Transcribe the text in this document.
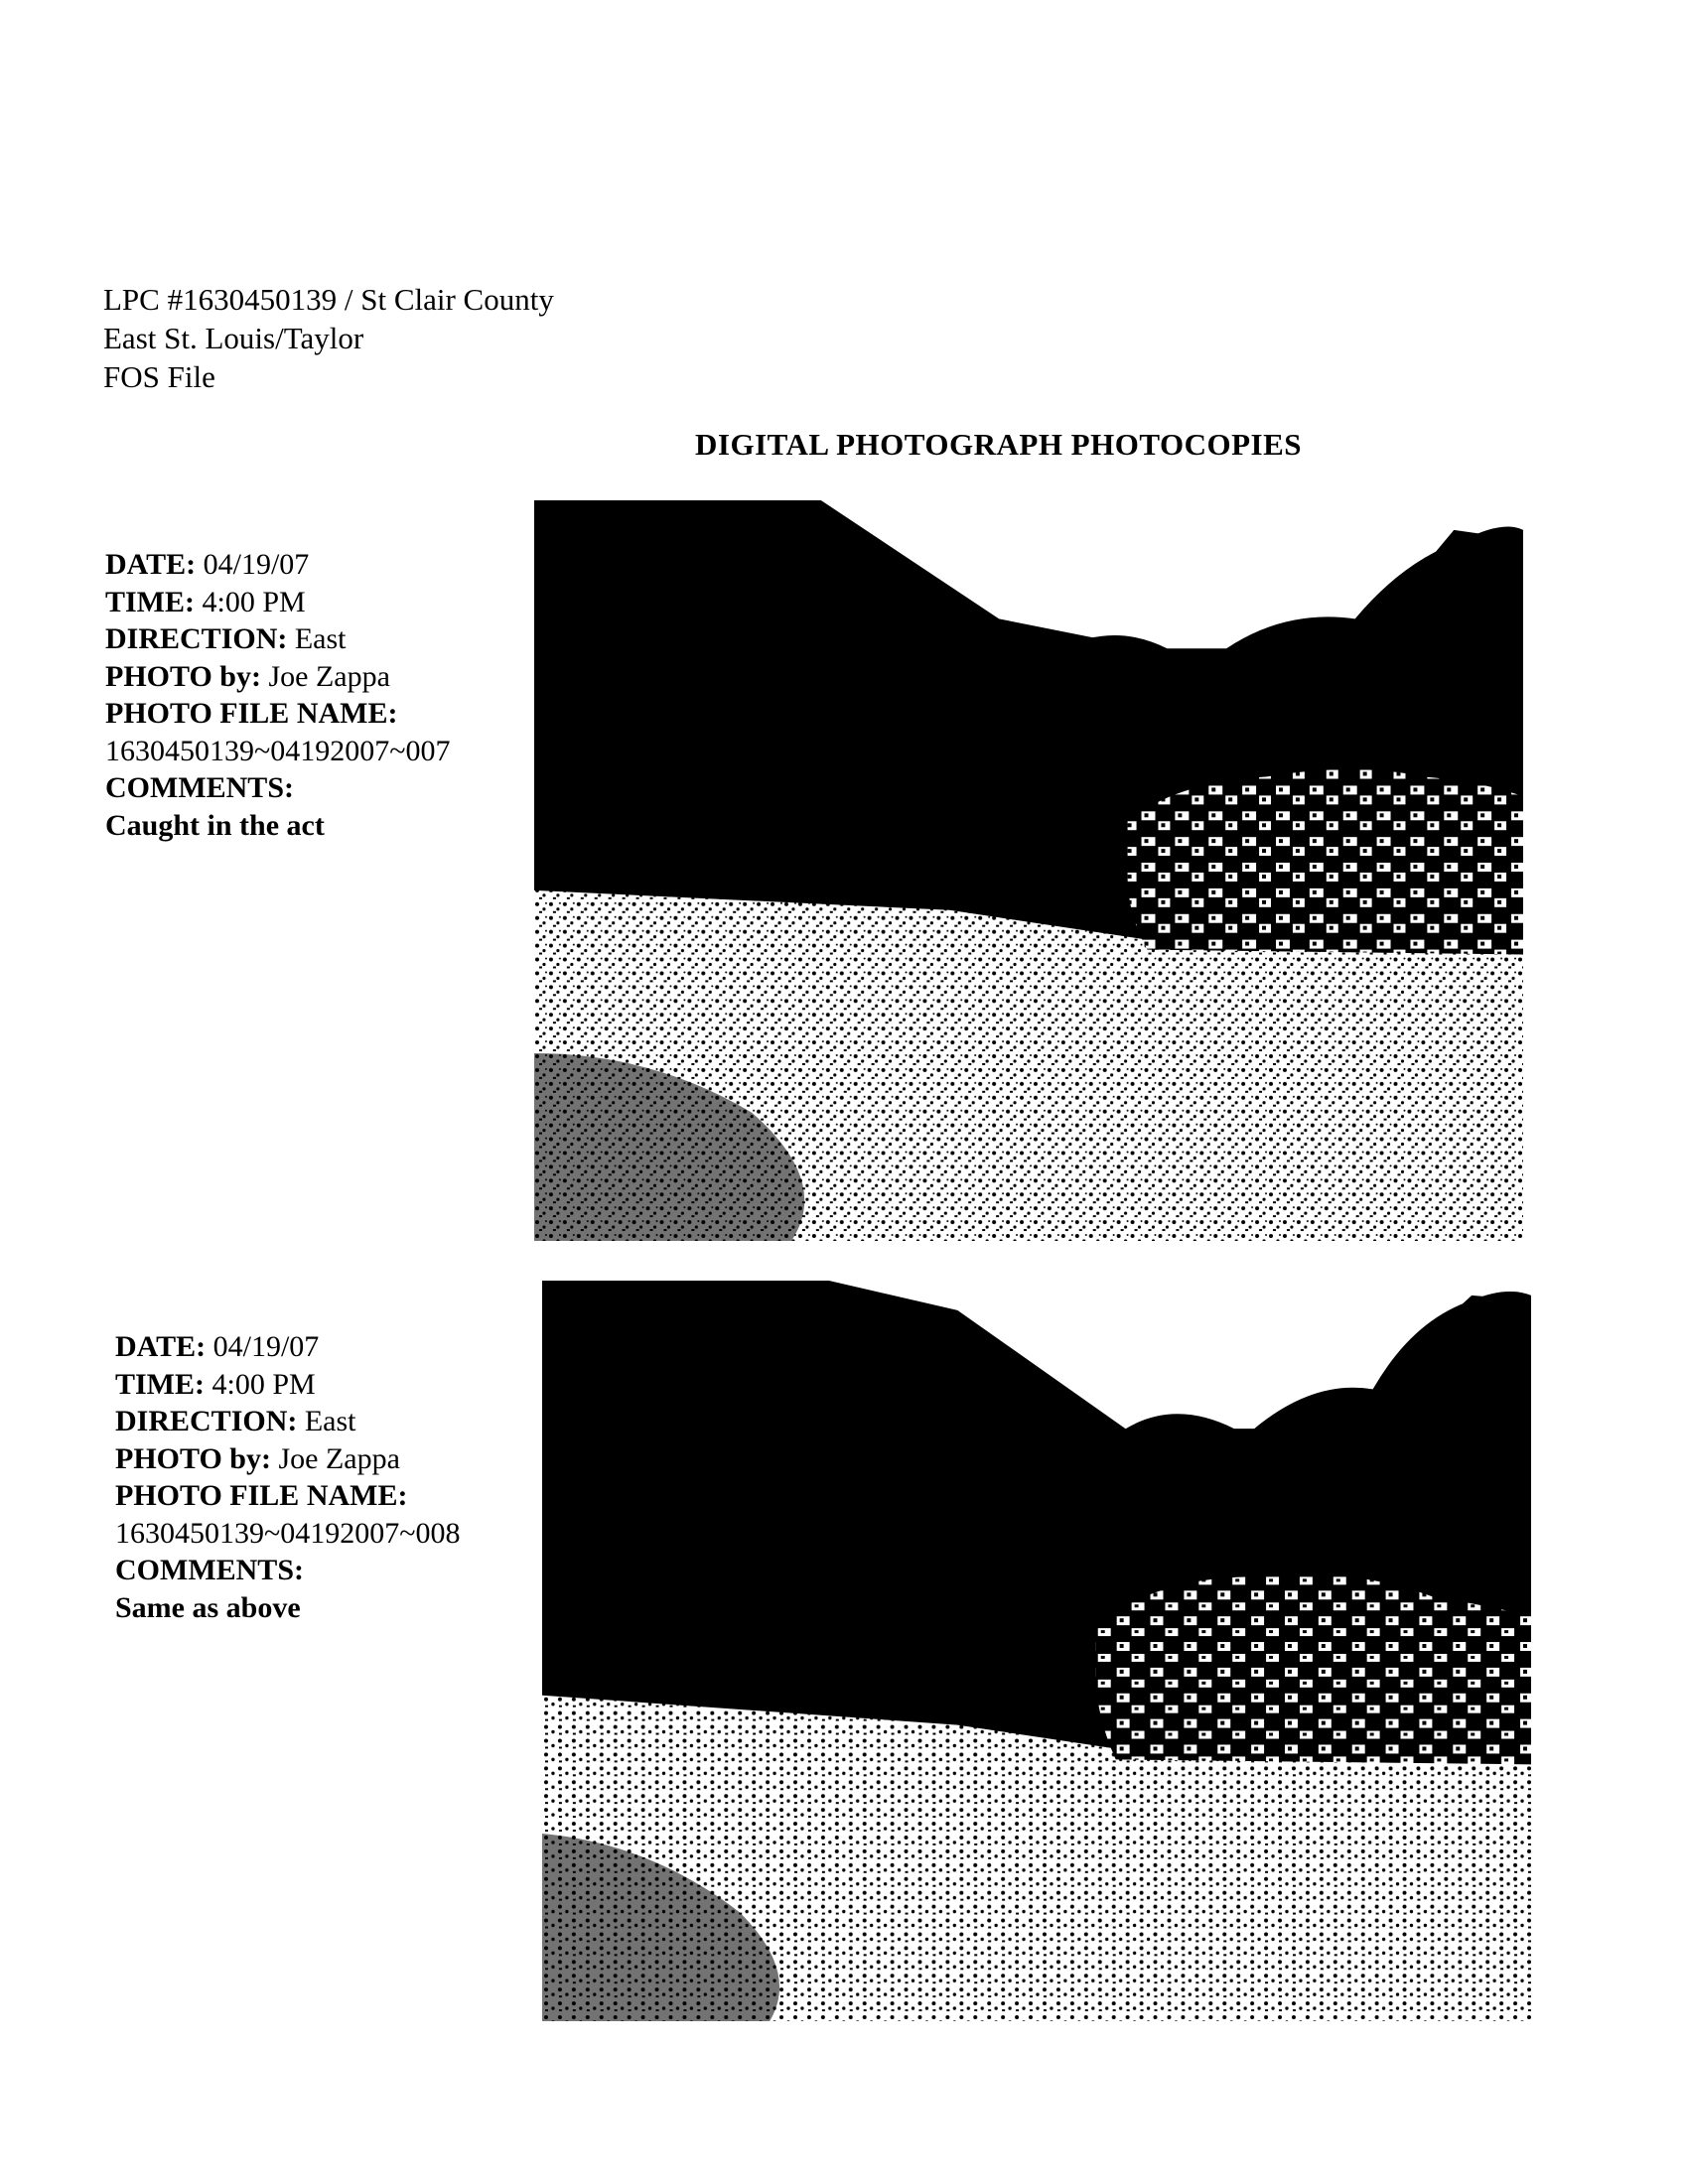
LPC #1630450139 / St Clair County
East St. Louis/Taylor
FOS File
DIGITAL PHOTOGRAPH PHOTOCOPIES
DATE: 04/19/07
TIME: 4:00 PM
DIRECTION: East
PHOTO by: Joe Zappa
PHOTO FILE NAME:
1630450139~04192007~007
COMMENTS:
Caught in the act
DATE: 04/19/07
TIME: 4:00 PM
DIRECTION: East
PHOTO by: Joe Zappa
PHOTO FILE NAME:
1630450139~04192007~008
COMMENTS:
Same as above
